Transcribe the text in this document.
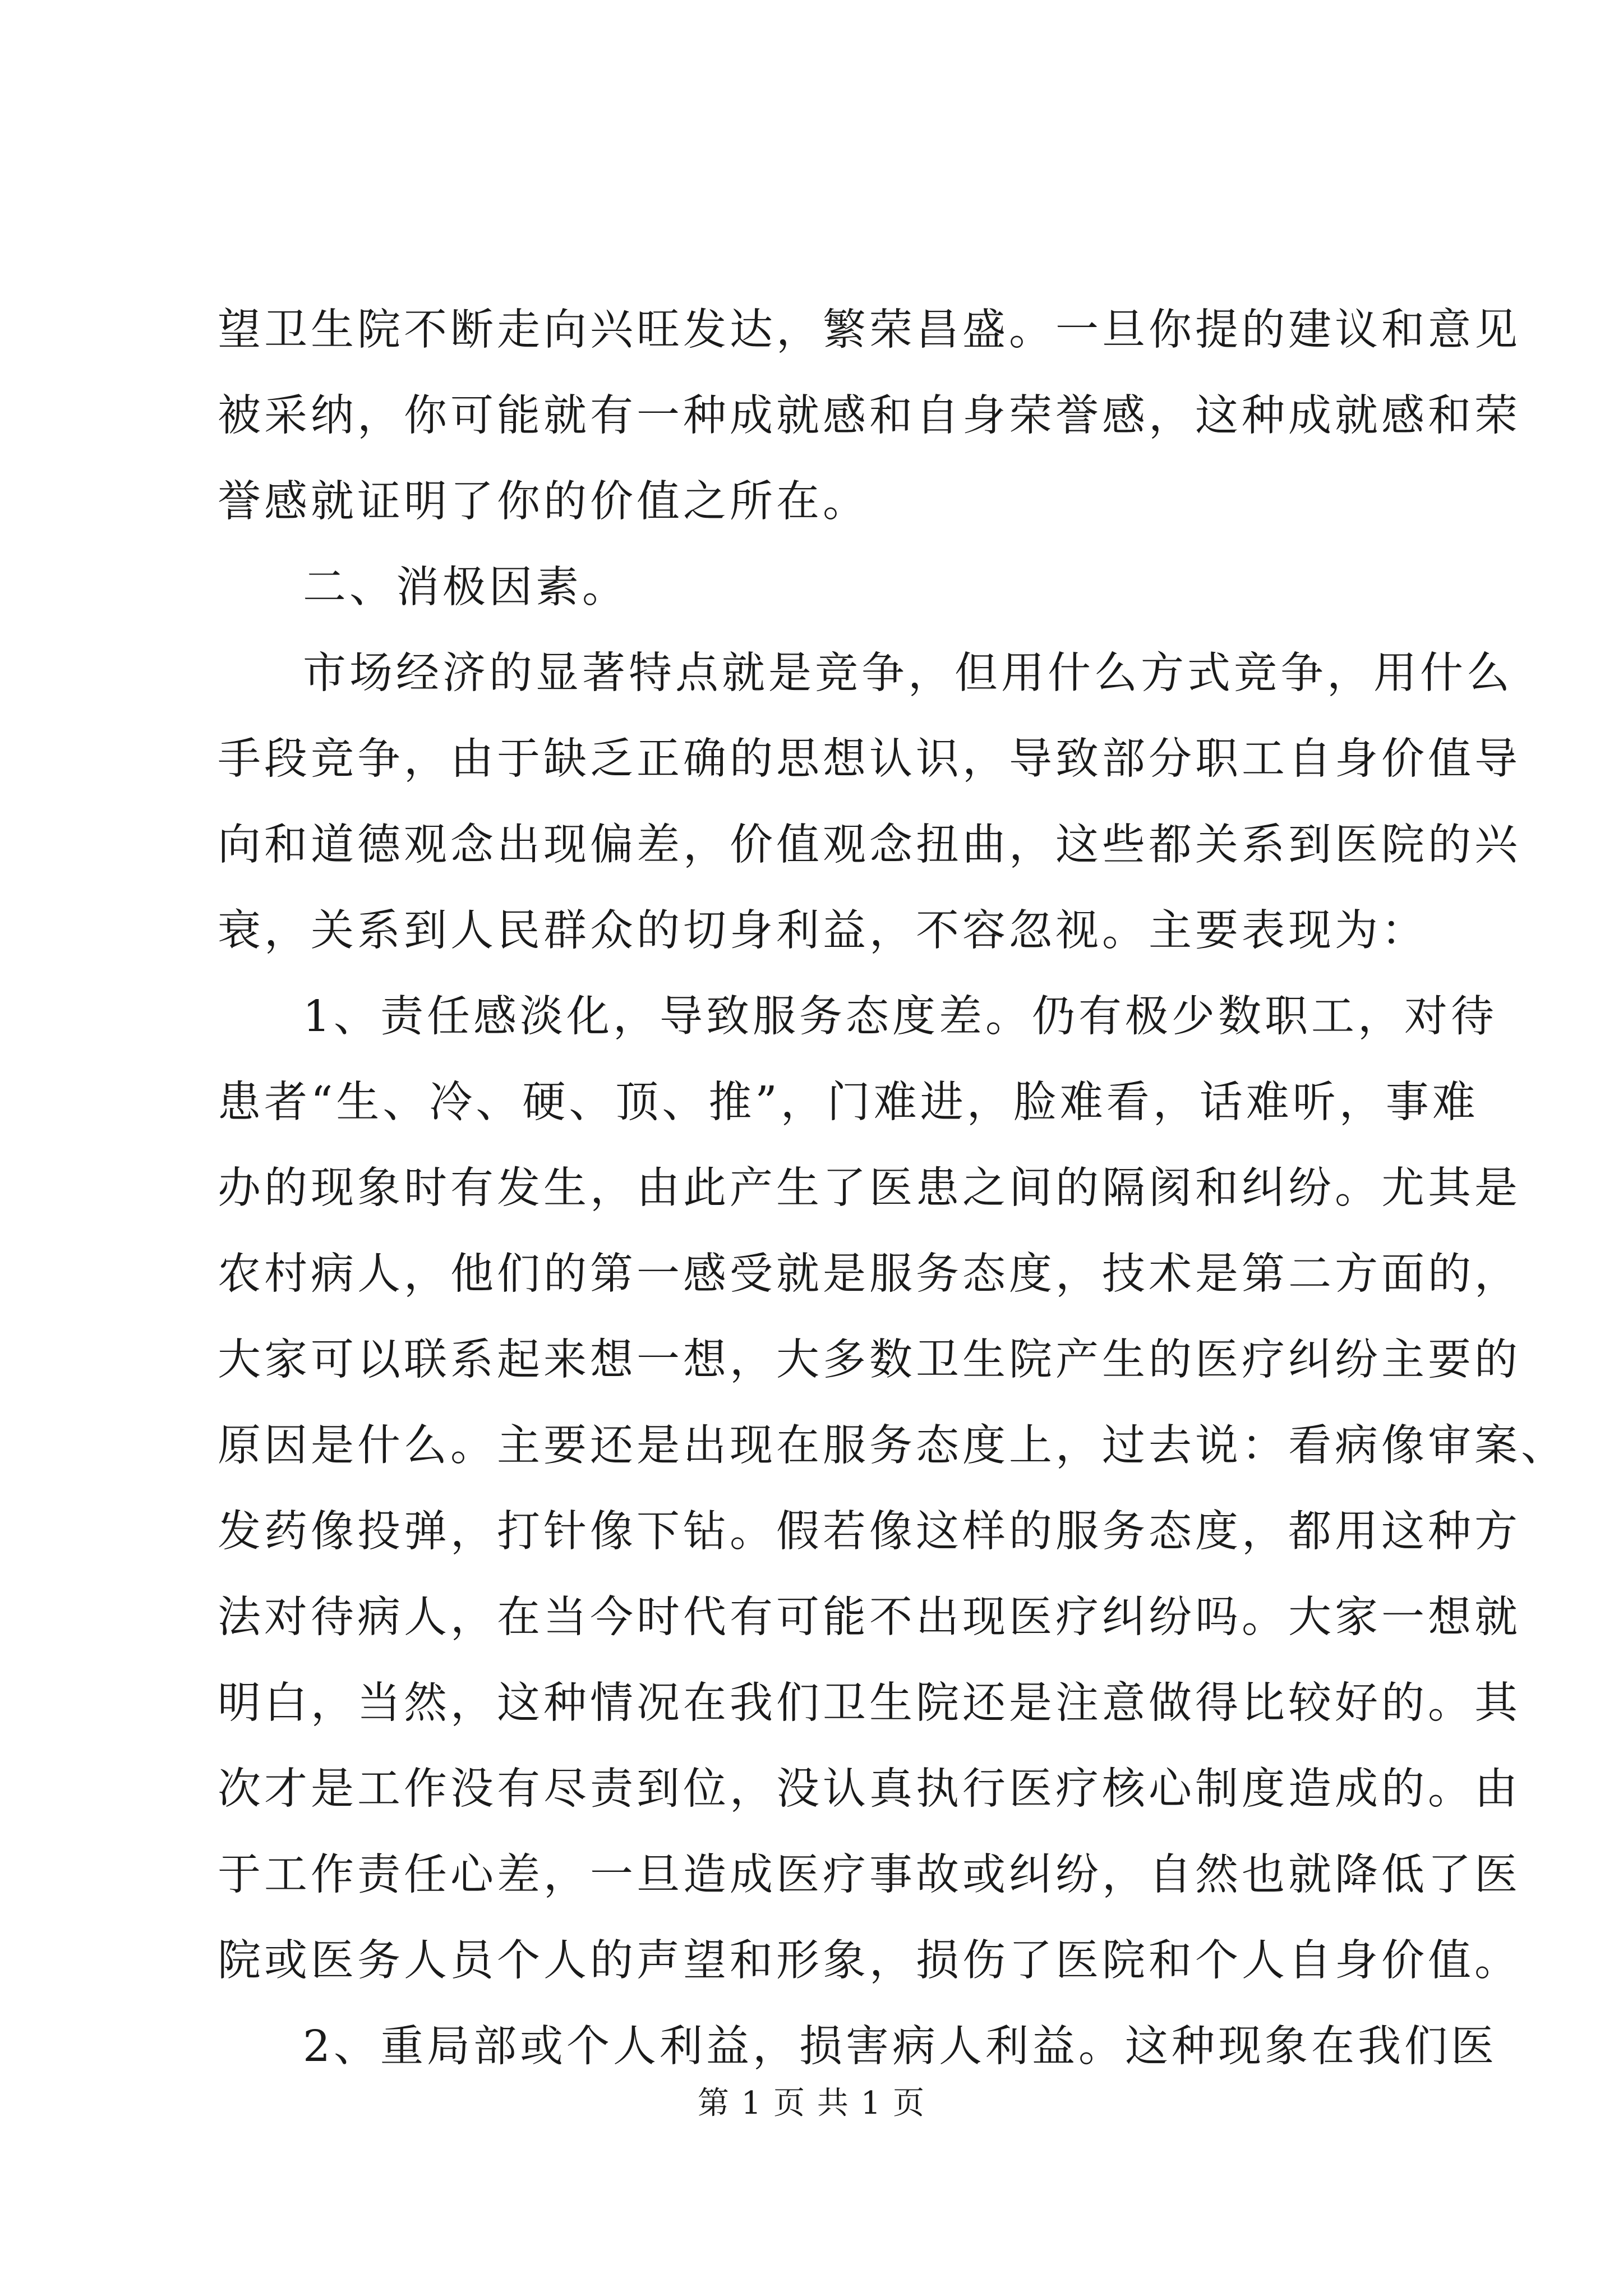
望卫生院不断走向兴旺发达，繁荣昌盛。一旦你提的建议和意见
被采纳，你可能就有一种成就感和自身荣誉感，这种成就感和荣
誉感就证明了你的价值之所在。
二、消极因素。
市场经济的显著特点就是竞争，但用什么方式竞争，用什么
手段竞争，由于缺乏正确的思想认识，导致部分职工自身价值导
向和道德观念出现偏差，价值观念扭曲，这些都关系到医院的兴
衰，关系到人民群众的切身利益，不容忽视。主要表现为：
1、责任感淡化，导致服务态度差。仍有极少数职工，对待
患者“生、冷、硬、顶、推”，门难进，脸难看，话难听，事难
办的现象时有发生，由此产生了医患之间的隔阂和纠纷。尤其是
农村病人，他们的第一感受就是服务态度，技术是第二方面的，
大家可以联系起来想一想，大多数卫生院产生的医疗纠纷主要的
原因是什么。主要还是出现在服务态度上，过去说：看病像审案、
发药像投弹，打针像下钻。假若像这样的服务态度，都用这种方
法对待病人，在当今时代有可能不出现医疗纠纷吗。大家一想就
明白，当然，这种情况在我们卫生院还是注意做得比较好的。其
次才是工作没有尽责到位，没认真执行医疗核心制度造成的。由
于工作责任心差，一旦造成医疗事故或纠纷，自然也就降低了医
院或医务人员个人的声望和形象，损伤了医院和个人自身价值。
2、重局部或个人利益，损害病人利益。这种现象在我们医
第 1 页 共 1 页
